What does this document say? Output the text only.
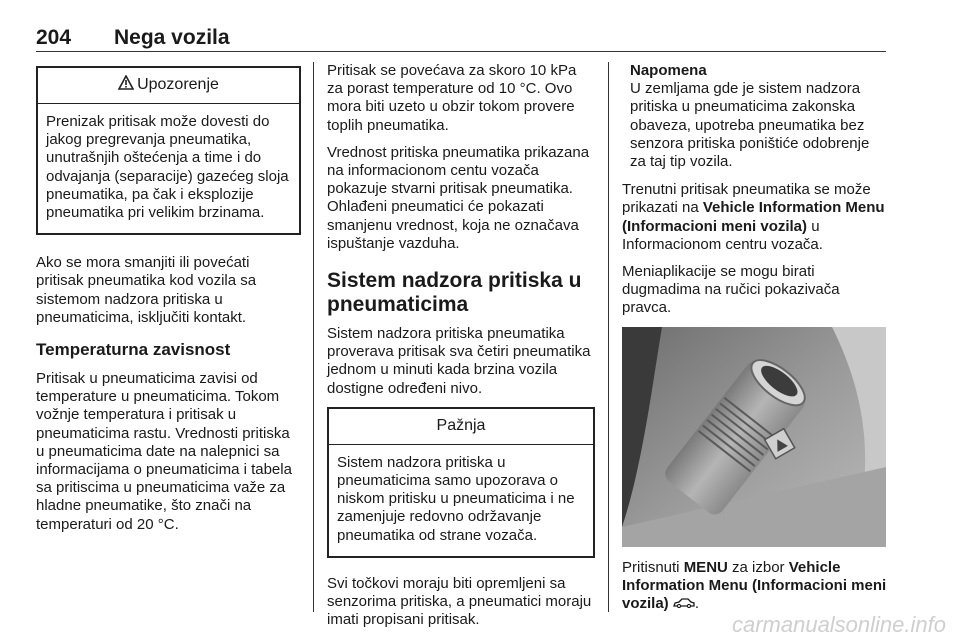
204 Nega vozila
Upozorenje
Prenizak pritisak može dovesti do jakog pregrevanja pneumatika, unutrašnjih oštećenja a time i do odvajanja (separacije) gazećeg sloja pneumatika, pa čak i eksplozije pneumatika pri velikim brzinama.

Ako se mora smanjiti ili povećati pritisak pneumatika kod vozila sa sistemom nadzora pritiska u pneumaticima, isključiti kontakt.

Temperaturna zavisnost

Pritisak u pneumaticima zavisi od temperature u pneumaticima. Tokom vožnje temperatura i pritisak u pneumaticima rastu. Vrednosti pritiska u pneumaticima date na nalepnici sa informacijama o pneumaticima i tabela sa pritiscima u pneumaticima važe za hladne pneumatike, što znači na temperaturi od 20 °C.

Pritisak se povećava za skoro 10 kPa za porast temperature od 10 °C. Ovo mora biti uzeto u obzir tokom provere toplih pneumatika.

Vrednost pritiska pneumatika prikazana na informacionom centu vozača pokazuje stvarni pritisak pneumatika. Ohlađeni pneumatici će pokazati smanjenu vrednost, koja ne označava ispuštanje vazduha.

Sistem nadzora pritiska u pneumaticima

Sistem nadzora pritiska pneumatika proverava pritisak sva četiri pneumatika jednom u minuti kada brzina vozila dostigne određeni nivo.

Pažnja
Sistem nadzora pritiska u pneumaticima samo upozorava o niskom pritisku u pneumaticima i ne zamenjuje redovno održavanje pneumatika od strane vozača.

Svi točkovi moraju biti opremljeni sa senzorima pritiska, a pneumatici moraju imati propisani pritisak.

Napomena
U zemljama gde je sistem nadzora pritiska u pneumaticima zakonska obaveza, upotreba pneumatika bez senzora pritiska poništiće odobrenje za taj tip vozila.

Trenutni pritisak pneumatika se može prikazati na Vehicle Information Menu (Informacioni meni vozila) u Informacionom centru vozača.

Meniaplikacije se mogu birati dugmadima na ručici pokazivača pravca.

Pritisnuti MENU za izbor Vehicle Information Menu (Informacioni meni vozila) .

carmanualsonline.info
